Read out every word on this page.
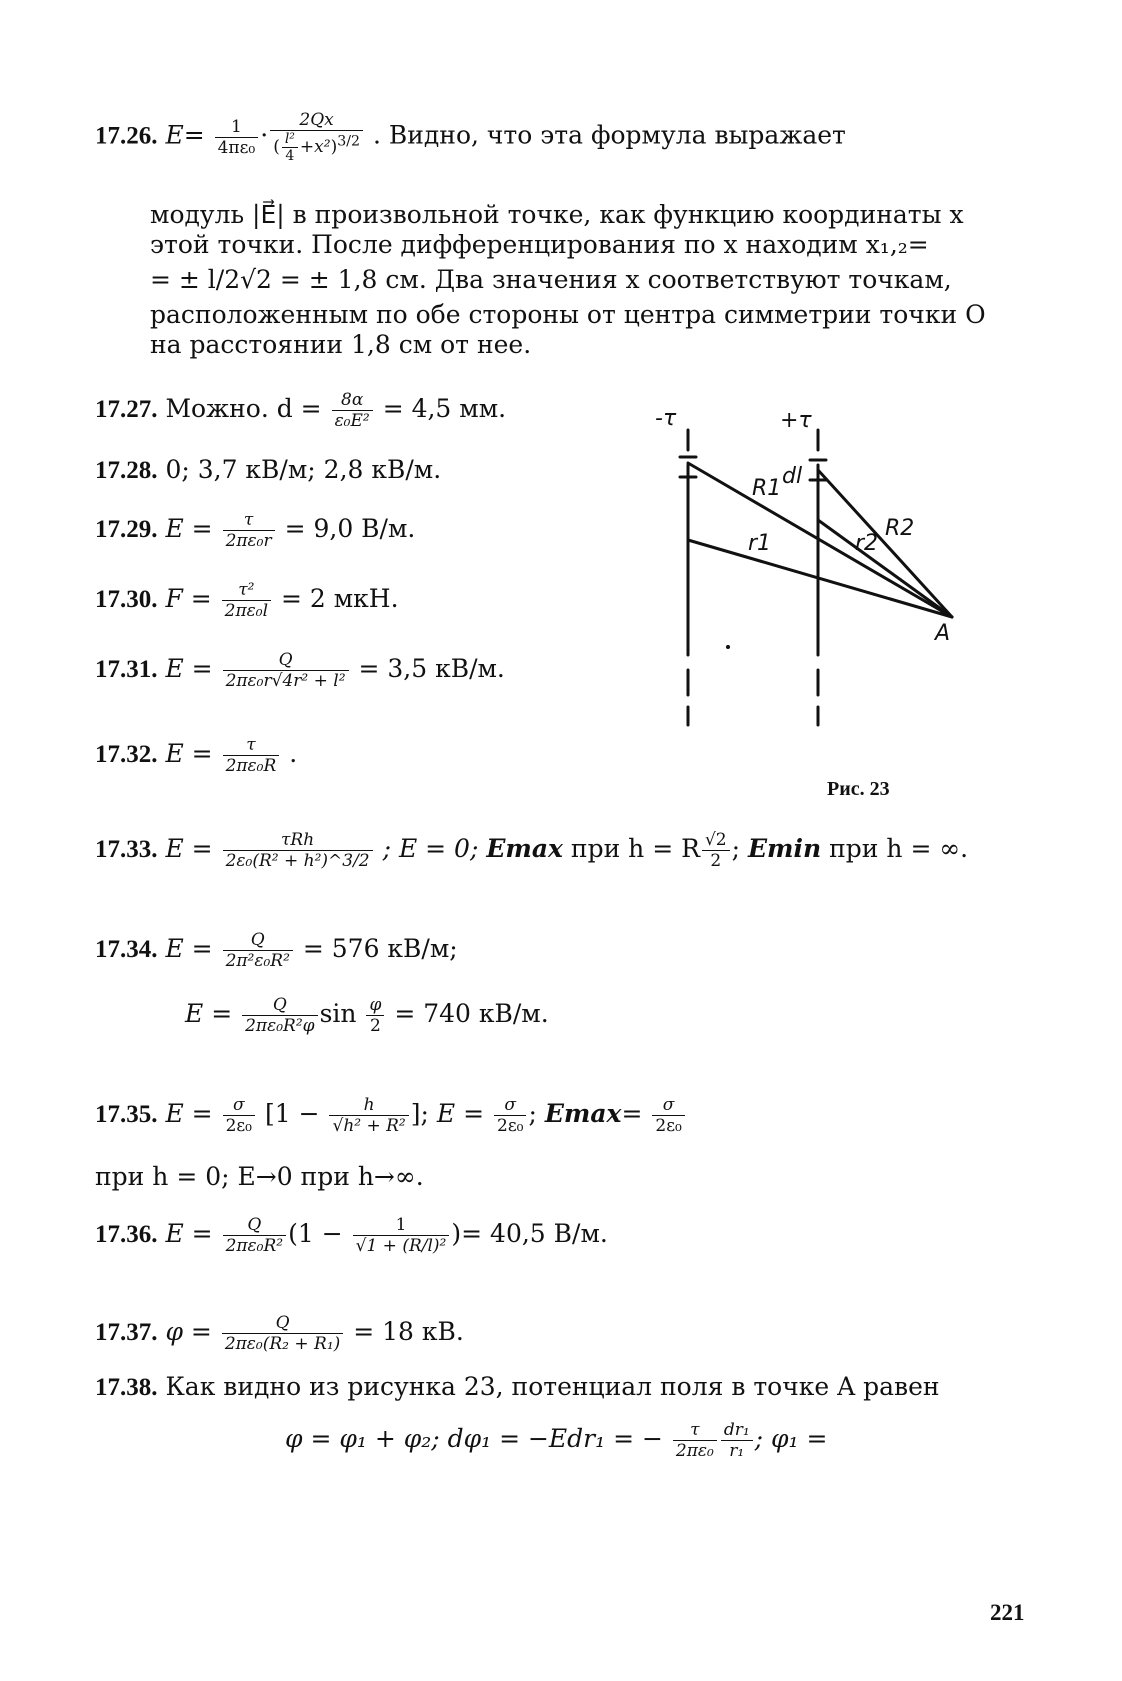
17.26. $E= \frac{1}{\text{4πε₀}} \cdot \frac{2Qx}{( \frac{\text{l²}}{4} +x^2)^{3/2}}$ . Видно, что эта формула выражает
модуль |E⃗| в произвольной точке, как функцию координаты x
этой точки. После дифференцирования по x находим x₁,₂=
= ± l/2√2 = ± 1,8 см. Два значения x соответствуют точкам,
расположенным по обе стороны от центра симметрии точки O
на расстоянии 1,8 см от нее.
17.27. Можно. $d = \frac{8\alpha}{\text{ε₀E²}} = 4,5$ мм.
17.28. 0; 3,7 кВ/м; 2,8 кВ/м.
17.29. $E = \frac{\tau}{\text{2πε₀r}} = 9,0$ В/м.
17.30. $F = \frac{\text{τ²}}{\text{2πε₀l}} = 2$ мкН.
17.31. $E = \frac{Q}{\text{2πε₀r√4r² + l²}} = 3,5$ кВ/м.
17.32. $E = \frac{\tau}{\text{2πε₀R}}$ .
17.33. $E = \frac{\text{τRh}}{\text{2ε₀(R² + h²)\textasciicircum{}3/2}}$ ; E = 0; Emax при h = R $\frac{√2}{2}$ ; Emin при h = ∞.
17.34. $E = \frac{Q}{\text{2π²ε₀R²}} = 576$ кВ/м;
$E = \frac{Q}{\text{2πε₀R²φ}}$ $\sin \frac{\varphi}{2} = 740$ кВ/м.
17.35. $E = \frac{\sigma}{\text{2ε₀}} [1 - \frac{h}{\text{√h² + R²}}$ ]; $E = \frac{\sigma}{\text{2ε₀}}$ ; $Emax= \frac{\sigma}{\text{2ε₀}}$
при h = 0; E→0 при h→∞.
17.36. $E = \frac{Q}{\text{2πε₀R²}} (1 - \frac{1}{\text{√1 + (R/l)²}}$ )= 40,5 В/м.
17.37. $\varphi = \frac{Q}{\text{2πε₀(R₂ + R₁)}} = 18$ кВ.
17.38. Как видно из рисунка 23, потенциал поля в точке A равен
φ = φ₁ + φ₂; dφ₁ = −Edr₁ = − $\frac{\tau}{\text{2πε₀}} \frac{\text{dr₁}}{\text{r₁}}$ ; φ₁ =
-τ	+τ
dl
R1
r1	r2
R2
A
Рис. 23
221
